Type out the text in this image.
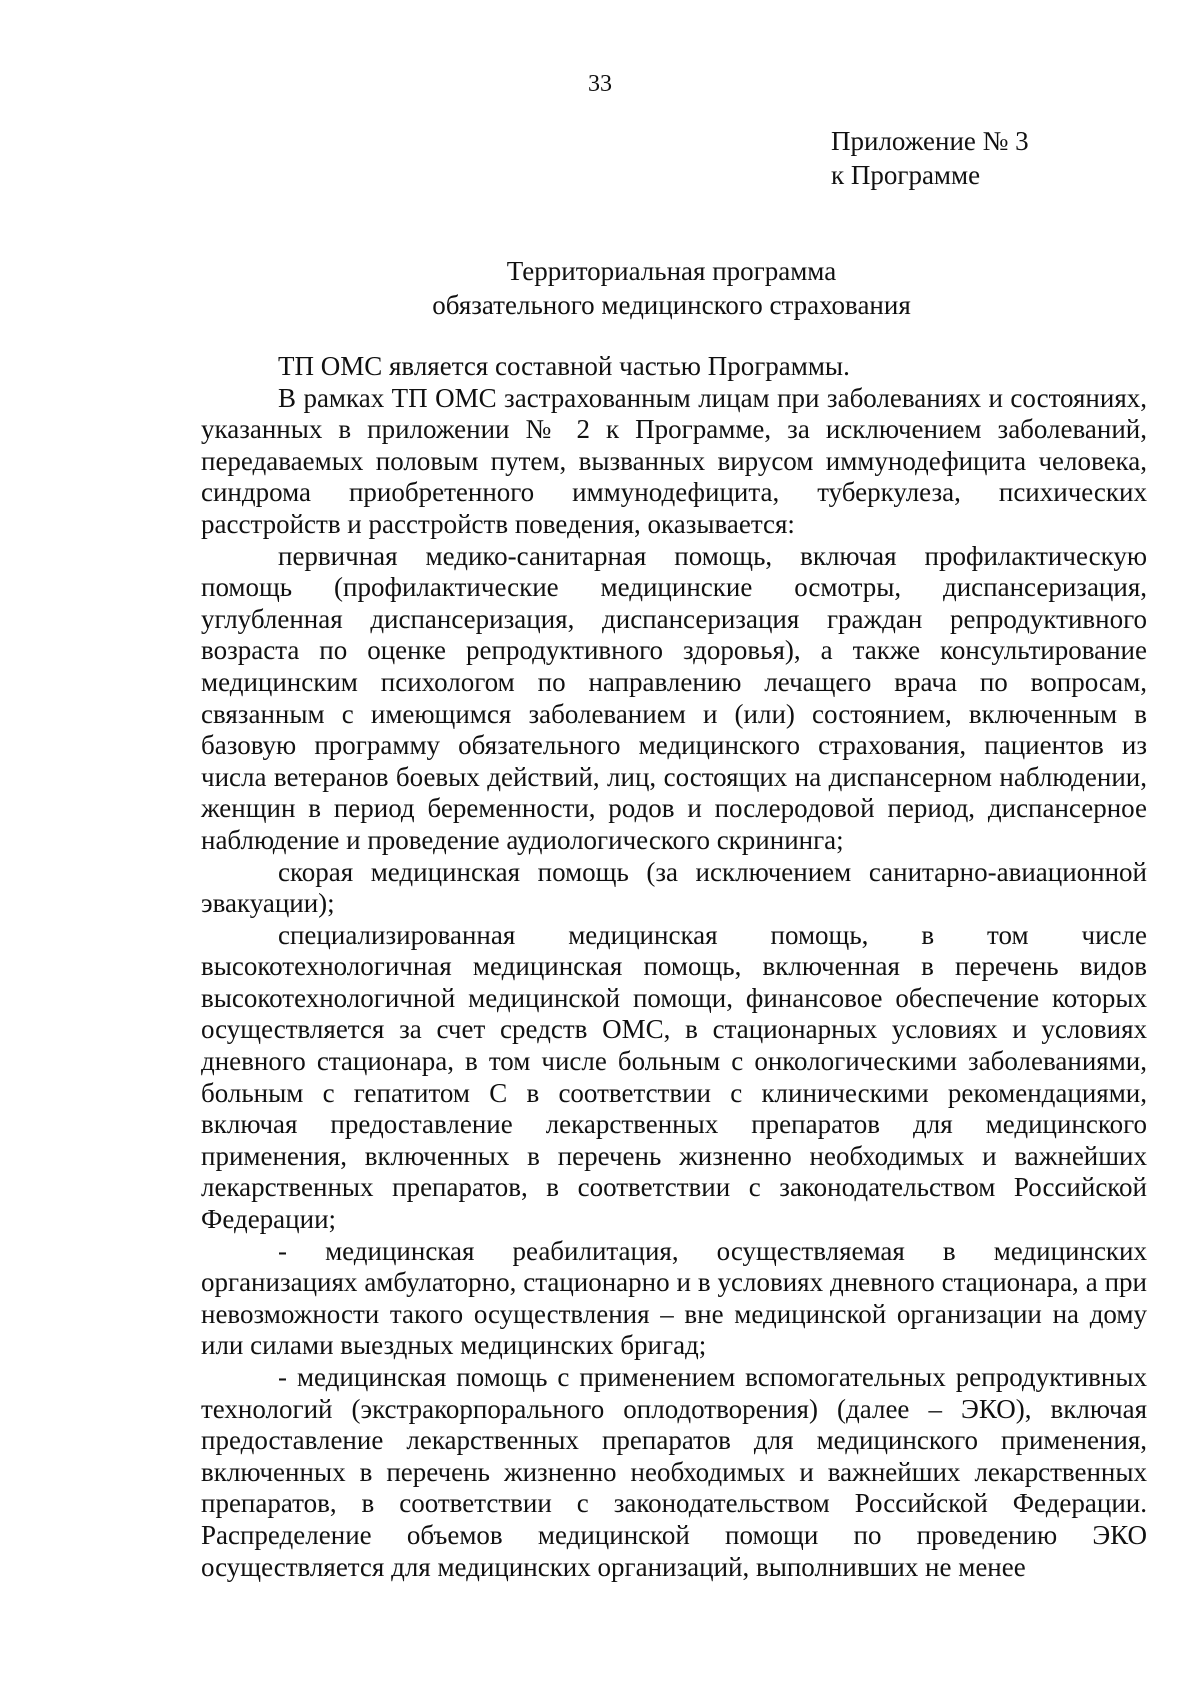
33
Приложение № 3
к Программе
Территориальная программа
обязательного медицинского страхования

ТП ОМС является составной частью Программы.

В рамках ТП ОМС застрахованным лицам при заболеваниях и состояниях, указанных в приложении № 2 к Программе, за исключением заболеваний, передаваемых половым путем, вызванных вирусом иммунодефицита человека, синдрома приобретенного иммунодефицита, туберкулеза, психических расстройств и расстройств поведения, оказывается:

первичная медико-санитарная помощь, включая профилактическую помощь (профилактические медицинские осмотры, диспансеризация, углубленная диспансеризация, диспансеризация граждан репродуктивного возраста по оценке репродуктивного здоровья), а также консультирование медицинским психологом по направлению лечащего врача по вопросам, связанным с имеющимся заболеванием и (или) состоянием, включенным в базовую программу обязательного медицинского страхования, пациентов из числа ветеранов боевых действий, лиц, состоящих на диспансерном наблюдении, женщин в период беременности, родов и послеродовой период, диспансерное наблюдение и проведение аудиологического скрининга;

скорая медицинская помощь (за исключением санитарно-авиационной эвакуации);

специализированная медицинская помощь, в том числе высокотехнологичная медицинская помощь, включенная в перечень видов высокотехнологичной медицинской помощи, финансовое обеспечение которых осуществляется за счет средств ОМС, в стационарных условиях и условиях дневного стационара, в том числе больным с онкологическими заболеваниями, больным с гепатитом С в соответствии с клиническими рекомендациями, включая предоставление лекарственных препаратов для медицинского применения, включенных в перечень жизненно необходимых и важнейших лекарственных препаратов, в соответствии с законодательством Российской Федерации;

- медицинская реабилитация, осуществляемая в медицинских организациях амбулаторно, стационарно и в условиях дневного стационара, а при невозможности такого осуществления – вне медицинской организации на дому или силами выездных медицинских бригад;

- медицинская помощь с применением вспомогательных репродуктивных технологий (экстракорпорального оплодотворения) (далее – ЭКО), включая предоставление лекарственных препаратов для медицинского применения, включенных в перечень жизненно необходимых и важнейших лекарственных препаратов, в соответствии с законодательством Российской Федерации. Распределение объемов медицинской помощи по проведению ЭКО осуществляется для медицинских организаций, выполнивших не менее
